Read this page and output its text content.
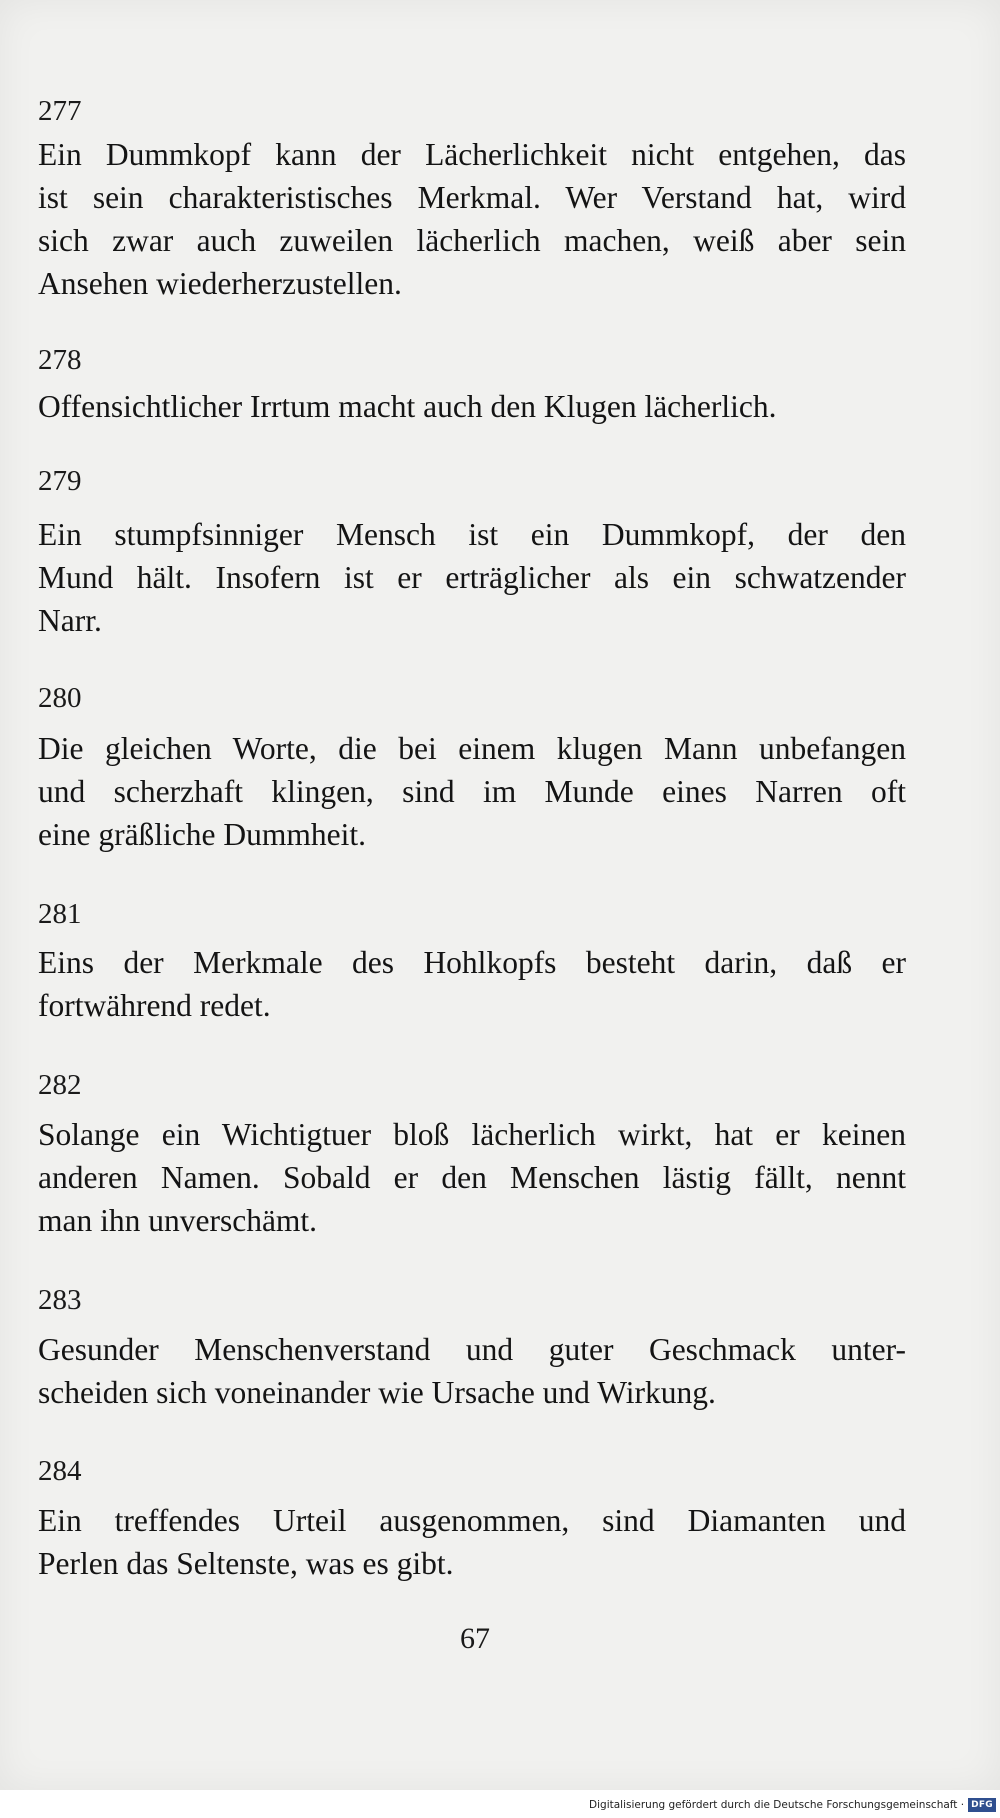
277

Ein Dummkopf kann der Lächerlichkeit nicht entgehen, das

ist sein charakteristisches Merkmal. Wer Verstand hat, wird

sich zwar auch zuweilen lächerlich machen, weiß aber sein

Ansehen wiederherzustellen.

278

Offensichtlicher Irrtum macht auch den Klugen lächerlich.

279

Ein stumpfsinniger Mensch ist ein Dummkopf, der den

Mund hält. Insofern ist er erträglicher als ein schwatzender

Narr.

280

Die gleichen Worte, die bei einem klugen Mann unbefangen

und scherzhaft klingen, sind im Munde eines Narren oft

eine gräßliche Dummheit.

281

Eins der Merkmale des Hohlkopfs besteht darin, daß er

fortwährend redet.

282

Solange ein Wichtigtuer bloß lächerlich wirkt, hat er keinen

anderen Namen. Sobald er den Menschen lästig fällt, nennt

man ihn unverschämt.

283

Gesunder Menschenverstand und guter Geschmack unter-

scheiden sich voneinander wie Ursache und Wirkung.

284

Ein treffendes Urteil ausgenommen, sind Diamanten und

Perlen das Seltenste, was es gibt.

67

Digitalisierung gefördert durch die Deutsche Forschungsgemeinschaft · DFG
